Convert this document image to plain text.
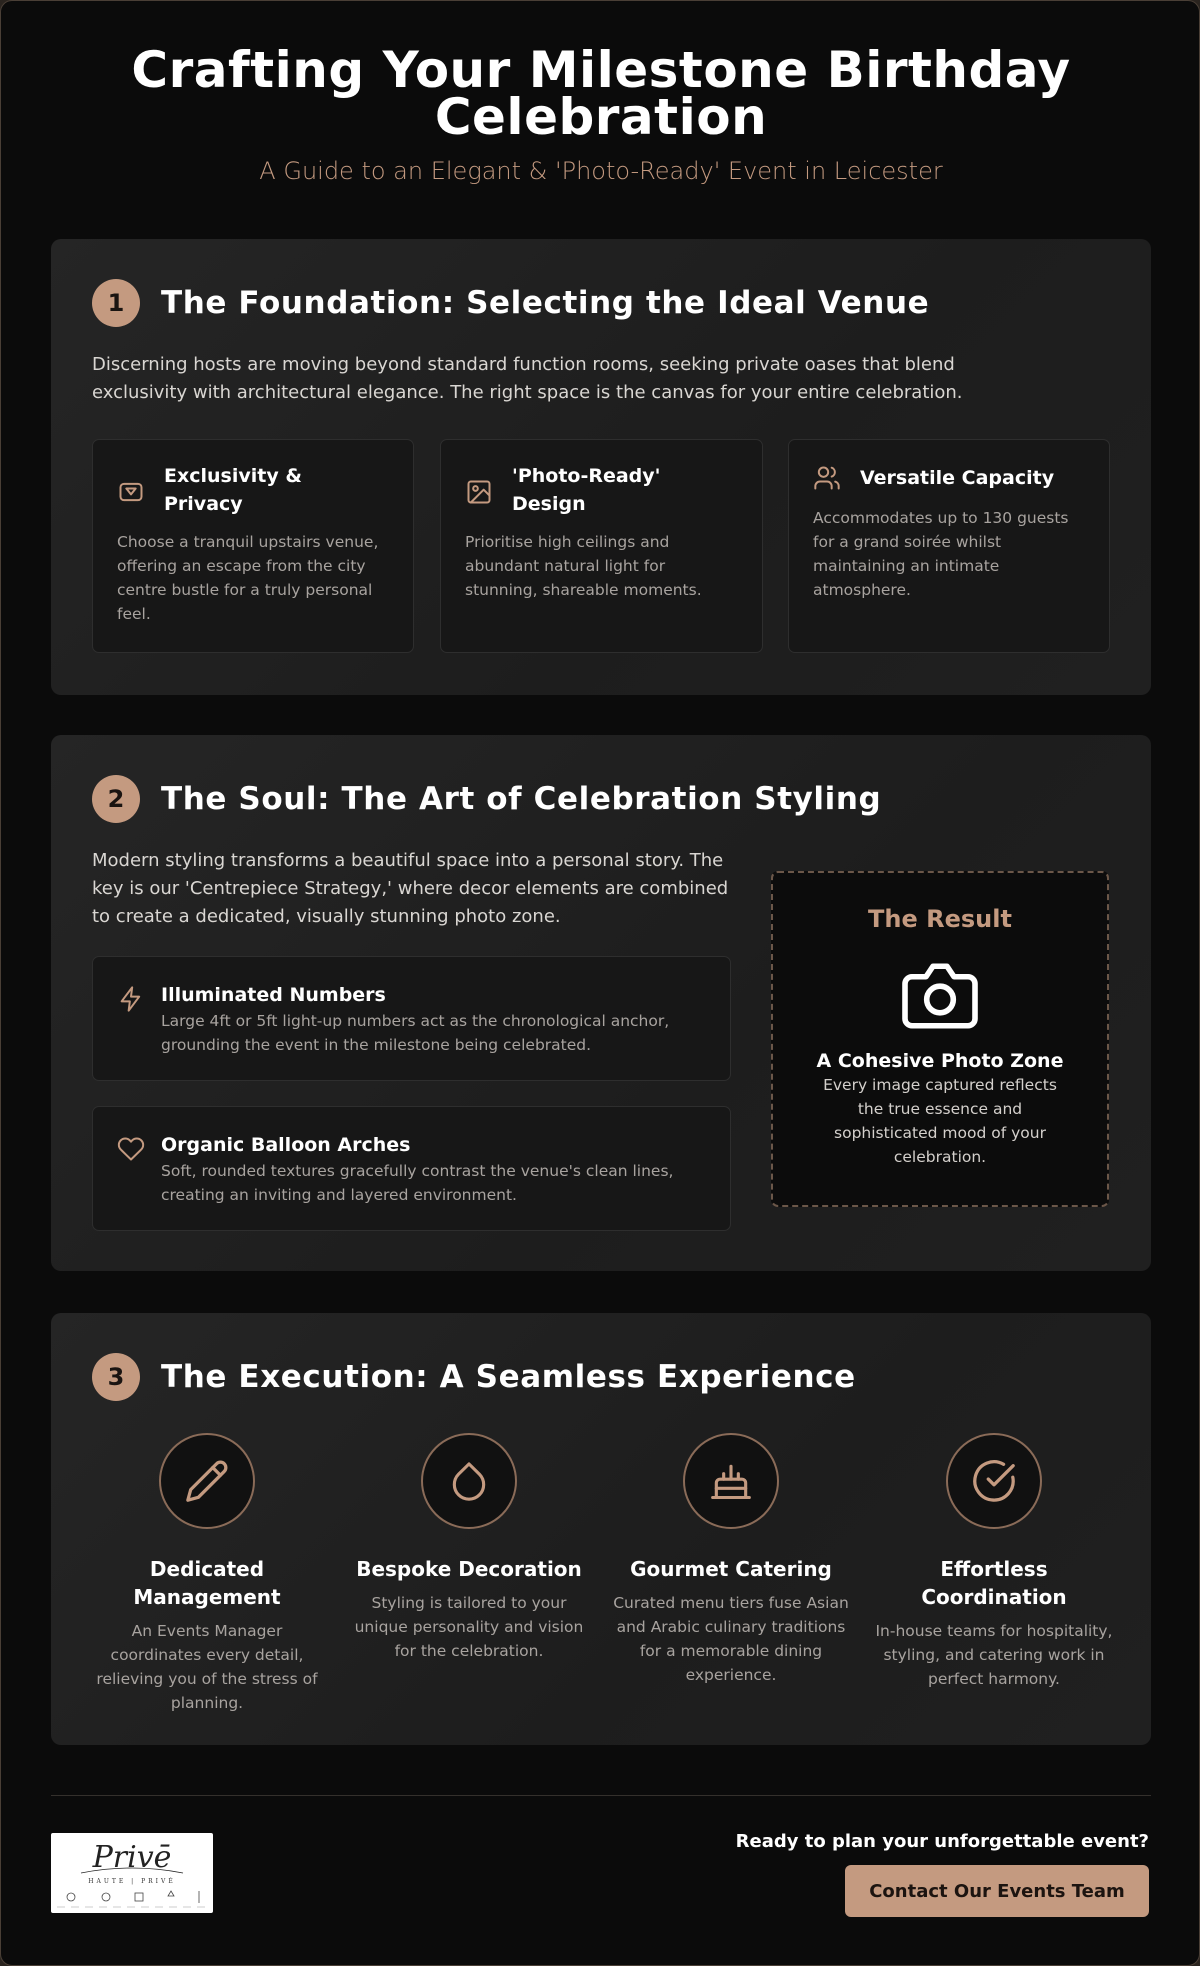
Crafting Your Milestone Birthday Celebration
A Guide to an Elegant & 'Photo-Ready' Event in Leicester
1	The Foundation: Selecting the Ideal Venue
Discerning hosts are moving beyond standard function rooms, seeking private oases that blend exclusivity with architectural elegance. The right space is the canvas for your entire celebration.
Exclusivity & Privacy
Choose a tranquil upstairs venue, offering an escape from the city centre bustle for a truly personal feel.
'Photo-Ready' Design
Prioritise high ceilings and abundant natural light for stunning, shareable moments.
Versatile Capacity
Accommodates up to 130 guests for a grand soirée whilst maintaining an intimate atmosphere.
2	The Soul: The Art of Celebration Styling
Modern styling transforms a beautiful space into a personal story. The key is our 'Centrepiece Strategy,' where decor elements are combined to create a dedicated, visually stunning photo zone.
Illuminated Numbers
Large 4ft or 5ft light-up numbers act as the chronological anchor, grounding the event in the milestone being celebrated.
Organic Balloon Arches
Soft, rounded textures gracefully contrast the venue's clean lines, creating an inviting and layered environment.
The Result
A Cohesive Photo Zone
Every image captured reflects the true essence and sophisticated mood of your celebration.
3	The Execution: A Seamless Experience
Dedicated Management
An Events Manager coordinates every detail, relieving you of the stress of planning.
Bespoke Decoration
Styling is tailored to your unique personality and vision for the celebration.
Gourmet Catering
Curated menu tiers fuse Asian and Arabic culinary traditions for a memorable dining experience.
Effortless Coordination
In-house teams for hospitality, styling, and catering work in perfect harmony.
Privē
HAUTE | PRIVÉ
Ready to plan your unforgettable event?
Contact Our Events Team
